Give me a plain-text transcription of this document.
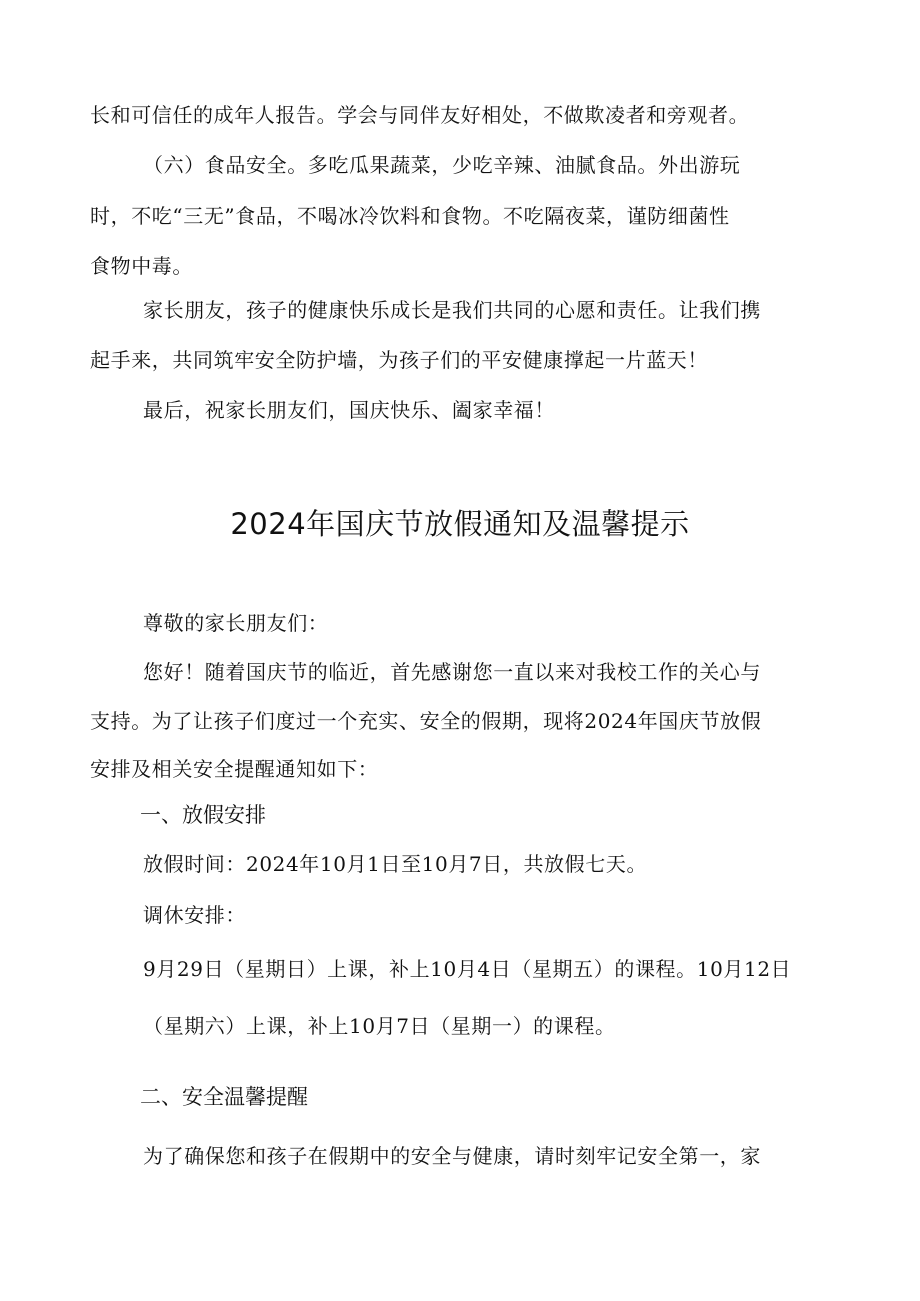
长和可信任的成年人报告。学会与同伴友好相处，不做欺凌者和旁观者。
（六）食品安全。多吃瓜果蔬菜，少吃辛辣、油腻食品。外出游玩
时，不吃“三无”食品，不喝冰冷饮料和食物。不吃隔夜菜，谨防细菌性
食物中毒。
家长朋友，孩子的健康快乐成长是我们共同的心愿和责任。让我们携
起手来，共同筑牢安全防护墙，为孩子们的平安健康撑起一片蓝天！
最后，祝家长朋友们，国庆快乐、阖家幸福！
2024年国庆节放假通知及温馨提示
尊敬的家长朋友们：
您好！随着国庆节的临近，首先感谢您一直以来对我校工作的关心与
支持。为了让孩子们度过一个充实、安全的假期，现将2024年国庆节放假
安排及相关安全提醒通知如下：
一、放假安排
放假时间：2024年10月1日至10月7日，共放假七天。
调休安排：
9月29日（星期日）上课，补上10月4日（星期五）的课程。10月12日
（星期六）上课，补上10月7日（星期一）的课程。
二、安全温馨提醒
为了确保您和孩子在假期中的安全与健康，请时刻牢记安全第一，家
